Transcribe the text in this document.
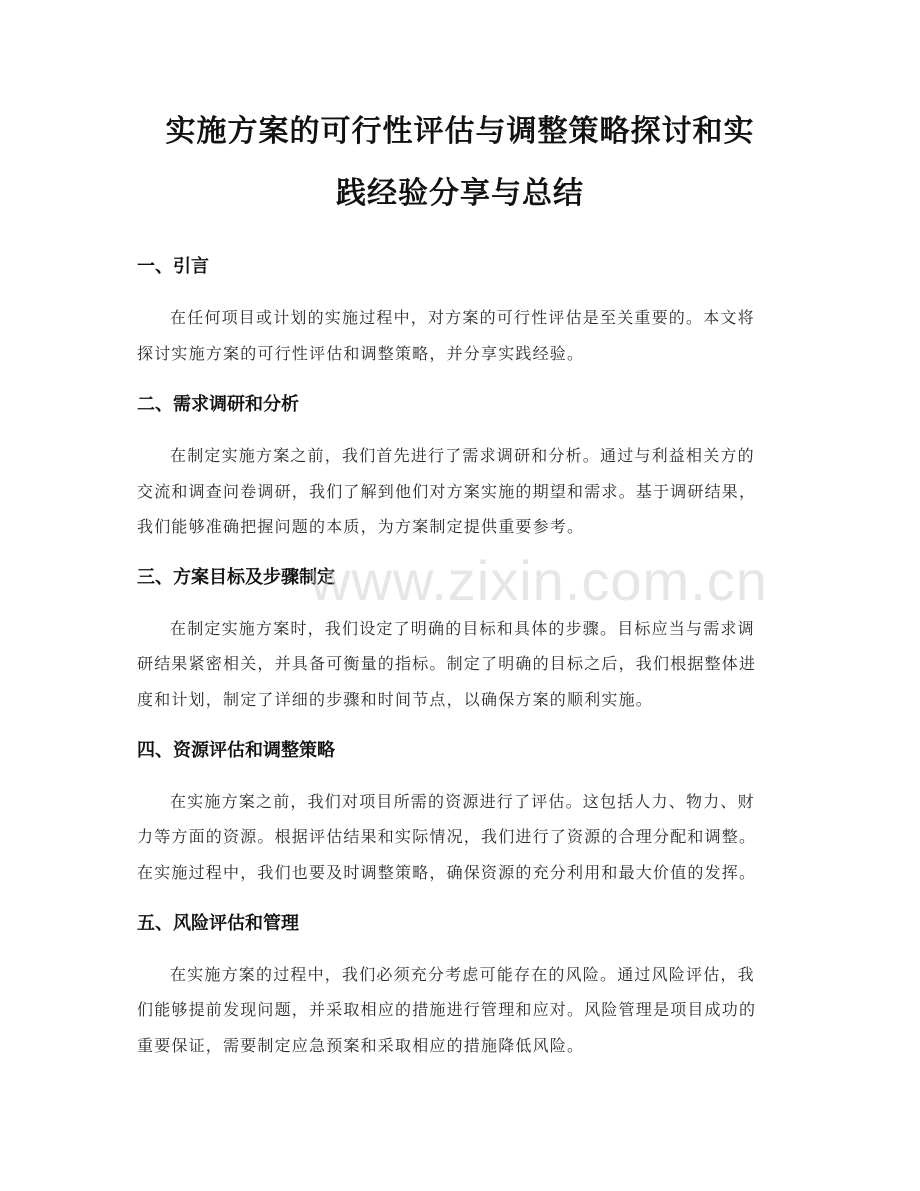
实施方案的可行性评估与调整策略探讨和实
践经验分享与总结
一、引言
在任何项目或计划的实施过程中，对方案的可行性评估是至关重要的。本文将
探讨实施方案的可行性评估和调整策略，并分享实践经验。
二、需求调研和分析
在制定实施方案之前，我们首先进行了需求调研和分析。通过与利益相关方的
交流和调查问卷调研，我们了解到他们对方案实施的期望和需求。基于调研结果，
我们能够准确把握问题的本质，为方案制定提供重要参考。
三、方案目标及步骤制定
在制定实施方案时，我们设定了明确的目标和具体的步骤。目标应当与需求调
研结果紧密相关，并具备可衡量的指标。制定了明确的目标之后，我们根据整体进
度和计划，制定了详细的步骤和时间节点，以确保方案的顺利实施。
四、资源评估和调整策略
在实施方案之前，我们对项目所需的资源进行了评估。这包括人力、物力、财
力等方面的资源。根据评估结果和实际情况，我们进行了资源的合理分配和调整。
在实施过程中，我们也要及时调整策略，确保资源的充分利用和最大价值的发挥。
五、风险评估和管理
在实施方案的过程中，我们必须充分考虑可能存在的风险。通过风险评估，我
们能够提前发现问题，并采取相应的措施进行管理和应对。风险管理是项目成功的
重要保证，需要制定应急预案和采取相应的措施降低风险。
www.zixin.com.cn
